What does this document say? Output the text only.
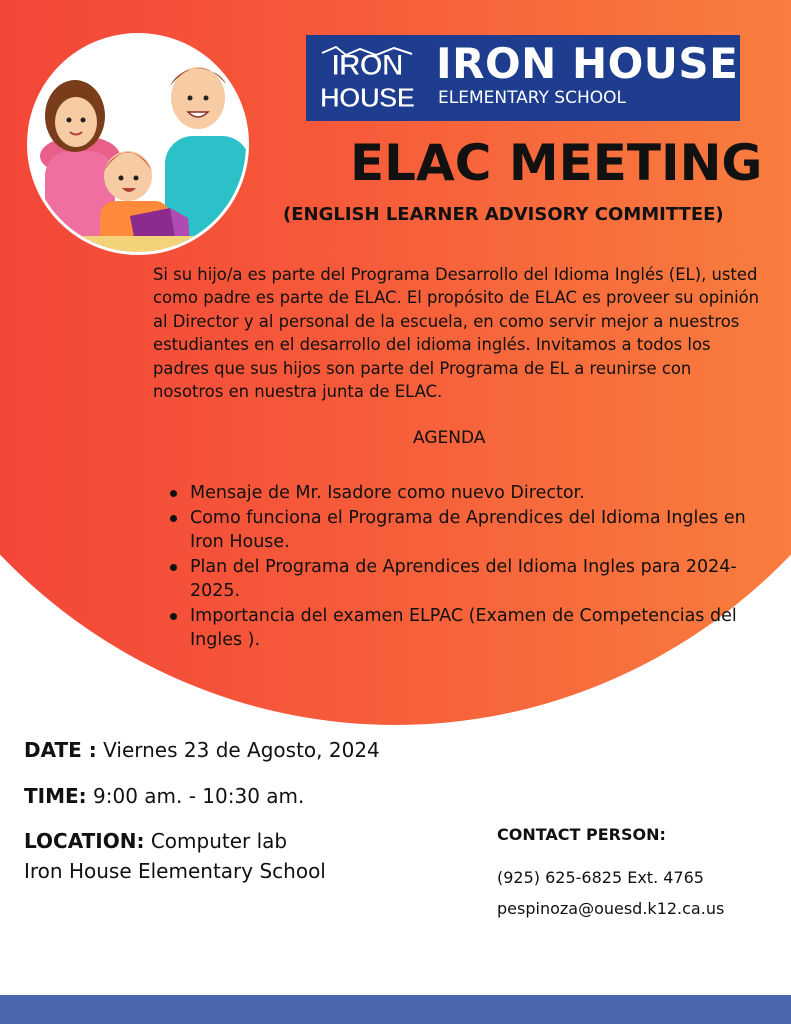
IRON
HOUSE
IRON HOUSE
ELEMENTARY SCHOOL
ELAC MEETING
(ENGLISH LEARNER ADVISORY COMMITTEE)

Si su hijo/a es parte del Programa Desarrollo del Idioma Inglés (EL), usted como padre es parte de ELAC. El propósito de ELAC es proveer su opinión al Director y al personal de la escuela, en como servir mejor a nuestros estudiantes en el desarrollo del idioma inglés. Invitamos a todos los padres que sus hijos son parte del Programa de EL a reunirse con nosotros en nuestra junta de ELAC.

AGENDA
Mensaje de Mr. Isadore como nuevo Director.
Como funciona el Programa de Aprendices del Idioma Ingles en Iron House.
Plan del Programa de Aprendices del Idioma Ingles para 2024-2025.
Importancia del examen ELPAC (Examen de Competencias del Ingles ).
DATE : Viernes 23 de Agosto, 2024
TIME: 9:00 am. - 10:30 am.
LOCATION: Computer lab
Iron House Elementary School
CONTACT PERSON:
(925) 625-6825 Ext. 4765
pespinoza@ouesd.k12.ca.us
